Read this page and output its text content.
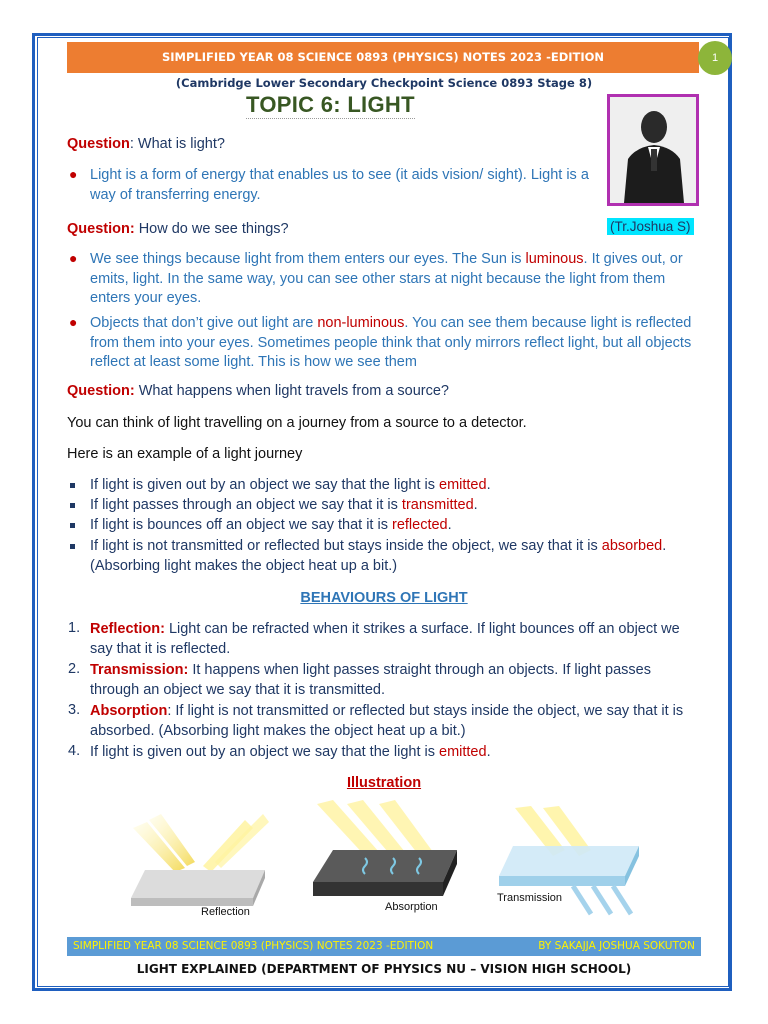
SIMPLIFIED YEAR 08 SCIENCE 0893 (PHYSICS) NOTES 2023 -EDITION	1
(Cambridge Lower Secondary Checkpoint Science 0893 Stage 8)
TOPIC 6: LIGHT
(Tr.Joshua S)
Question: What is light?
● Light is a form of energy that enables us to see (it aids vision/ sight). Light is a way of transferring energy.
Question: How do we see things?
● We see things because light from them enters our eyes. The Sun is luminous. It gives out, or emits, light. In the same way, you can see other stars at night because the light from them enters your eyes.
● Objects that don’t give out light are non-luminous. You can see them because light is reflected from them into your eyes. Sometimes people think that only mirrors reflect light, but all objects reflect at least some light. This is how we see them
Question: What happens when light travels from a source?
You can think of light travelling on a journey from a source to a detector.
Here is an example of a light journey
If light is given out by an object we say that the light is emitted.
If light passes through an object we say that it is transmitted.
If light is bounces off an object we say that it is reflected.
If light is not transmitted or reflected but stays inside the object, we say that it is absorbed. (Absorbing light makes the object heat up a bit.)
BEHAVIOURS OF LIGHT
1. Reflection: Light can be refracted when it strikes a surface. If light bounces off an object we say that it is reflected.
2. Transmission: It happens when light passes straight through an objects. If light passes through an object we say that it is transmitted.
3. Absorption: If light is not transmitted or reflected but stays inside the object, we say that it is absorbed. (Absorbing light makes the object heat up a bit.)
4. If light is given out by an object we say that the light is emitted.
Illustration
Reflection	Absorption
Transmission
SIMPLIFIED YEAR 08 SCIENCE 0893 (PHYSICS) NOTES 2023 -EDITION	BY SAKAJJA JOSHUA SOKUTON
LIGHT EXPLAINED (DEPARTMENT OF PHYSICS NU – VISION HIGH SCHOOL)
